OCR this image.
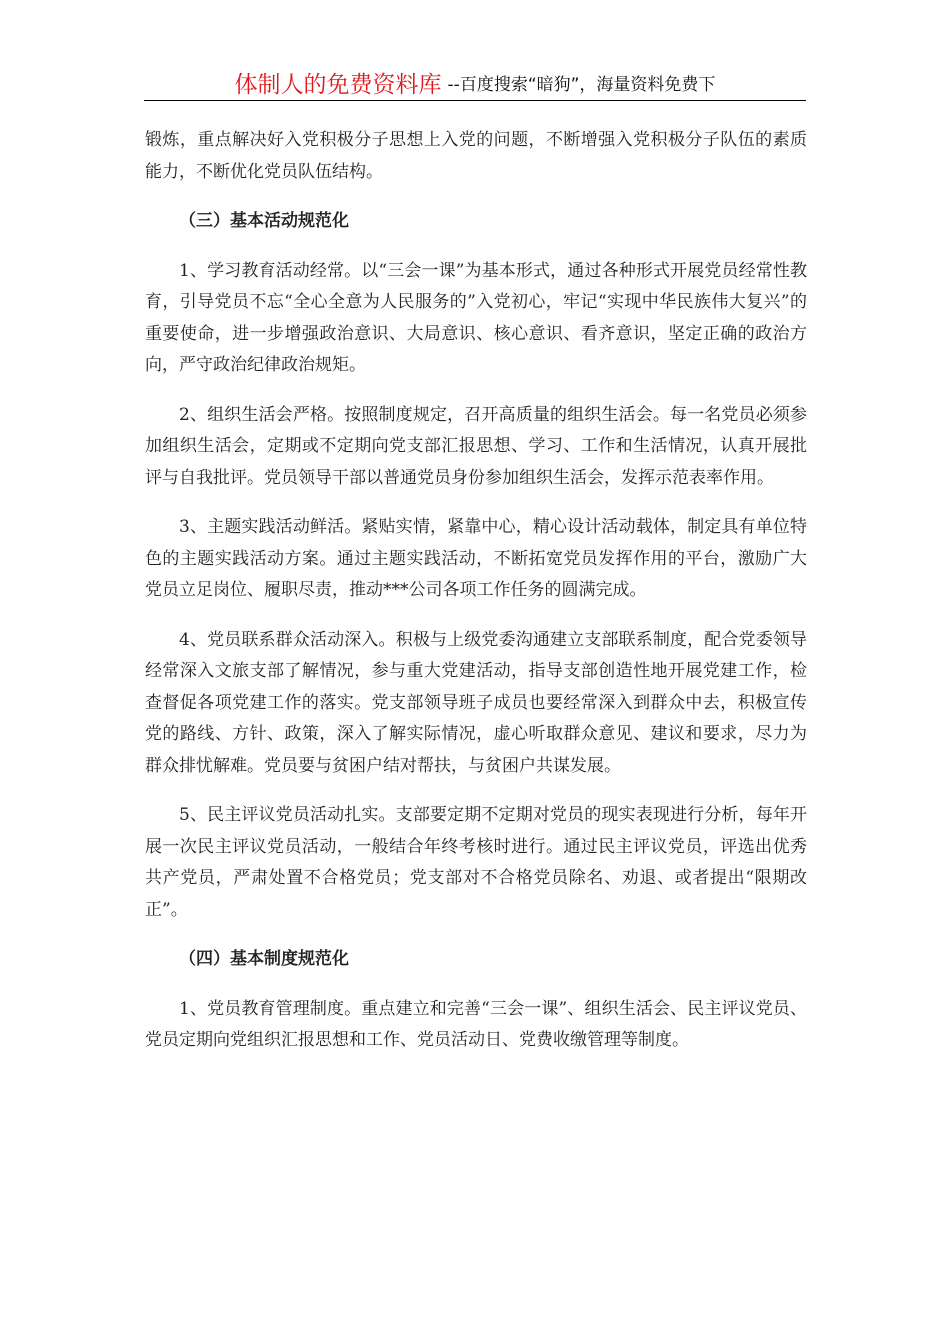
体制人的免费资料库 --百度搜索“暗狗”，海量资料免费下

锻炼，重点解决好入党积极分子思想上入党的问题，不断增强入党积极分子队伍的素质能力，不断优化党员队伍结构。

（三）基本活动规范化

1、学习教育活动经常。以“三会一课”为基本形式，通过各种形式开展党员经常性教育，引导党员不忘“全心全意为人民服务的”入党初心，牢记“实现中华民族伟大复兴”的重要使命，进一步增强政治意识、大局意识、核心意识、看齐意识，坚定正确的政治方向，严守政治纪律政治规矩。

2、组织生活会严格。按照制度规定，召开高质量的组织生活会。每一名党员必须参加组织生活会，定期或不定期向党支部汇报思想、学习、工作和生活情况，认真开展批评与自我批评。党员领导干部以普通党员身份参加组织生活会，发挥示范表率作用。

3、主题实践活动鲜活。紧贴实情，紧靠中心，精心设计活动载体，制定具有单位特色的主题实践活动方案。通过主题实践活动，不断拓宽党员发挥作用的平台，激励广大党员立足岗位、履职尽责，推动***公司各项工作任务的圆满完成。

4、党员联系群众活动深入。积极与上级党委沟通建立支部联系制度，配合党委领导经常深入文旅支部了解情况，参与重大党建活动，指导支部创造性地开展党建工作，检查督促各项党建工作的落实。党支部领导班子成员也要经常深入到群众中去，积极宣传党的路线、方针、政策，深入了解实际情况，虚心听取群众意见、建议和要求，尽力为群众排忧解难。党员要与贫困户结对帮扶，与贫困户共谋发展。

5、民主评议党员活动扎实。支部要定期不定期对党员的现实表现进行分析，每年开展一次民主评议党员活动，一般结合年终考核时进行。通过民主评议党员，评选出优秀共产党员，严肃处置不合格党员；党支部对不合格党员除名、劝退、或者提出“限期改正”。

（四）基本制度规范化

1、党员教育管理制度。重点建立和完善“三会一课”、组织生活会、民主评议党员、党员定期向党组织汇报思想和工作、党员活动日、党费收缴管理等制度。
